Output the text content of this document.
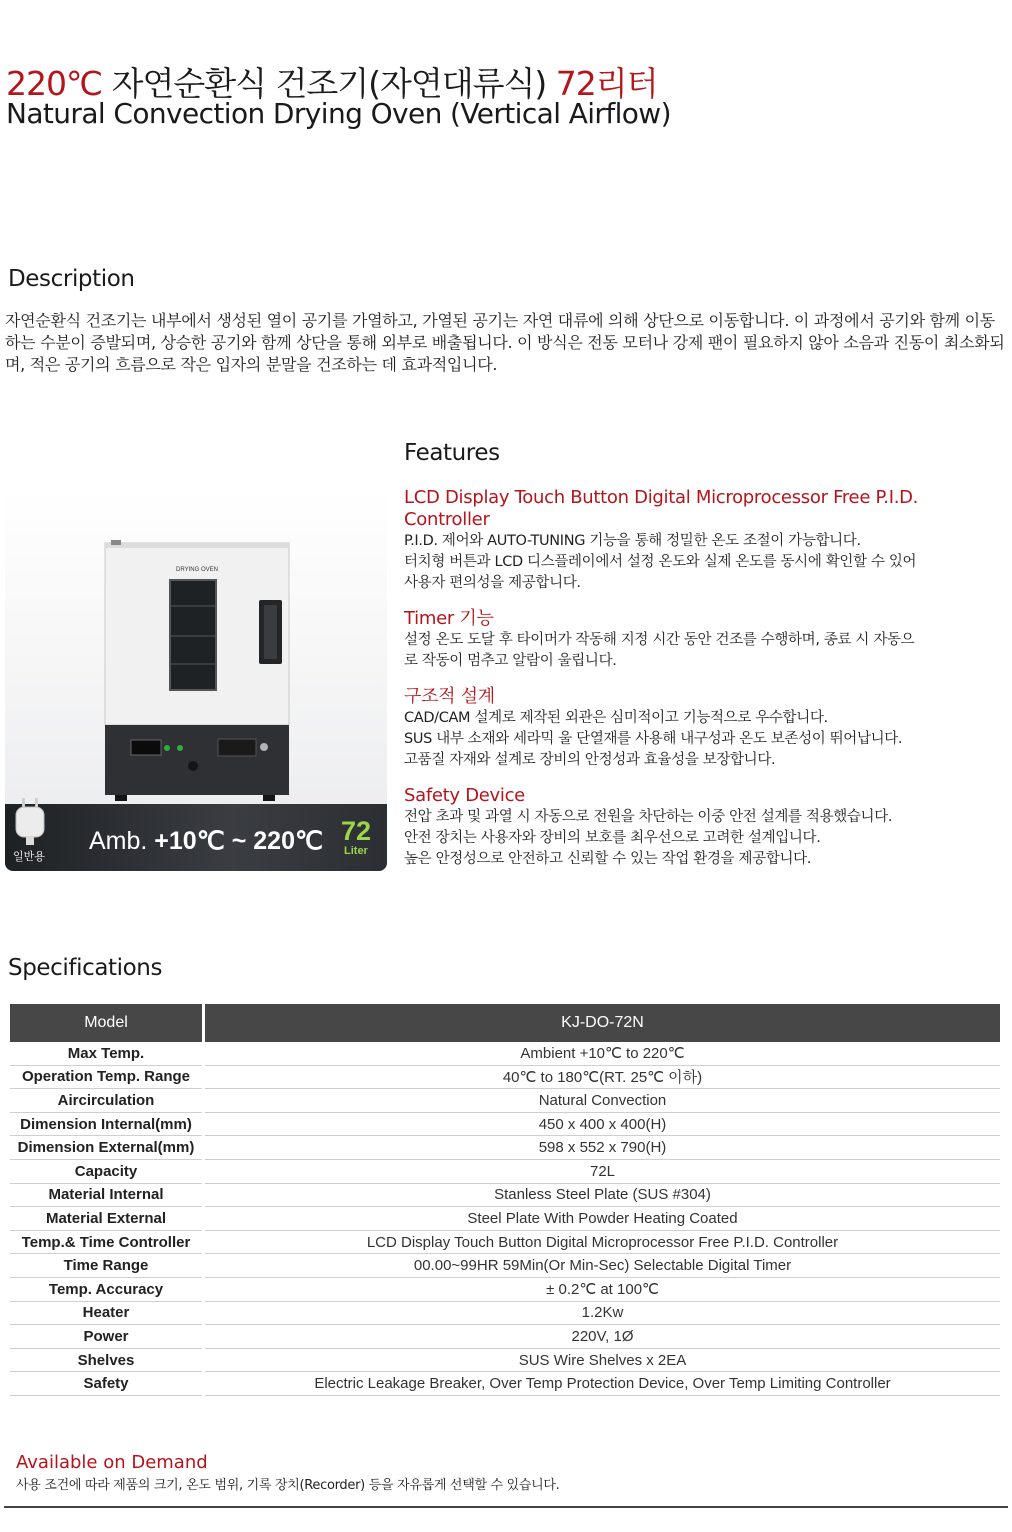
220℃ 자연순환식 건조기(자연대류식) 72리터
Natural Convection Drying Oven (Vertical Airflow)
Description
자연순환식 건조기는 내부에서 생성된 열이 공기를 가열하고, 가열된 공기는 자연 대류에 의해 상단으로 이동합니다. 이 과정에서 공기와 함께 이동하는 수분이 증발되며, 상승한 공기와 함께 상단을 통해 외부로 배출됩니다. 이 방식은 전동 모터나 강제 팬이 필요하지 않아 소음과 진동이 최소화되며, 적은 공기의 흐름으로 작은 입자의 분말을 건조하는 데 효과적입니다.
DRYING OVEN
일반용
Amb. +10℃ ~ 220℃ 72
Liter
Features
LCD Display Touch Button Digital Microprocessor Free P.I.D. Controller
P.I.D. 제어와 AUTO-TUNING 기능을 통해 정밀한 온도 조절이 가능합니다.
터치형 버튼과 LCD 디스플레이에서 설정 온도와 실제 온도를 동시에 확인할 수 있어
사용자 편의성을 제공합니다.
Timer 기능
설정 온도 도달 후 타이머가 작동해 지정 시간 동안 건조를 수행하며, 종료 시 자동으
로 작동이 멈추고 알람이 울립니다.
구조적 설계
CAD/CAM 설계로 제작된 외관은 심미적이고 기능적으로 우수합니다.
SUS 내부 소재와 세라믹 울 단열재를 사용해 내구성과 온도 보존성이 뛰어납니다.
고품질 자재와 설계로 장비의 안정성과 효율성을 보장합니다.
Safety Device
전압 초과 및 과열 시 자동으로 전원을 차단하는 이중 안전 설계를 적용했습니다.
안전 장치는 사용자와 장비의 보호를 최우선으로 고려한 설계입니다.
높은 안정성으로 안전하고 신뢰할 수 있는 작업 환경을 제공합니다.
Specifications
Model	KJ-DO-72N
Max Temp.	Ambient +10℃ to 220℃
Operation Temp. Range	40℃ to 180℃(RT. 25℃ 이하)
Aircirculation	Natural Convection
Dimension Internal(mm)	450 x 400 x 400(H)
Dimension External(mm)	598 x 552 x 790(H)
Capacity	72L
Material Internal	Stanless Steel Plate (SUS #304)
Material External	Steel Plate With Powder Heating Coated
Temp.& Time Controller	LCD Display Touch Button Digital Microprocessor Free P.I.D. Controller
Time Range	00.00~99HR 59Min(Or Min-Sec) Selectable Digital Timer
Temp. Accuracy	± 0.2℃ at 100℃
Heater	1.2Kw
Power	220V, 1Ø
Shelves	SUS Wire Shelves x 2EA
Safety	Electric Leakage Breaker, Over Temp Protection Device, Over Temp Limiting Controller
Available on Demand
사용 조건에 따라 제품의 크기, 온도 범위, 기록 장치(Recorder) 등을 자유롭게 선택할 수 있습니다.
